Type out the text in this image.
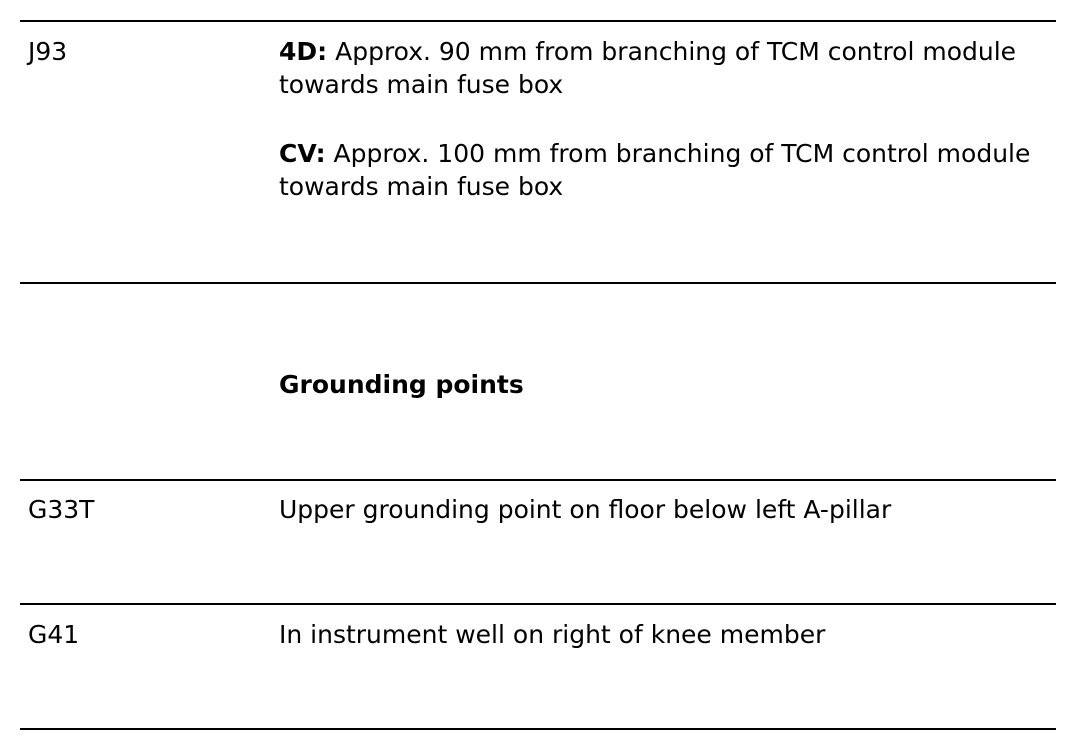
J93	4D: Approx. 90 mm from branching of TCM control module towards main fuse box

CV: Approx. 100 mm from branching of TCM control module towards main fuse box

Grounding points
G33T	Upper grounding point on floor below left A-pillar
G41	In instrument well on right of knee member
